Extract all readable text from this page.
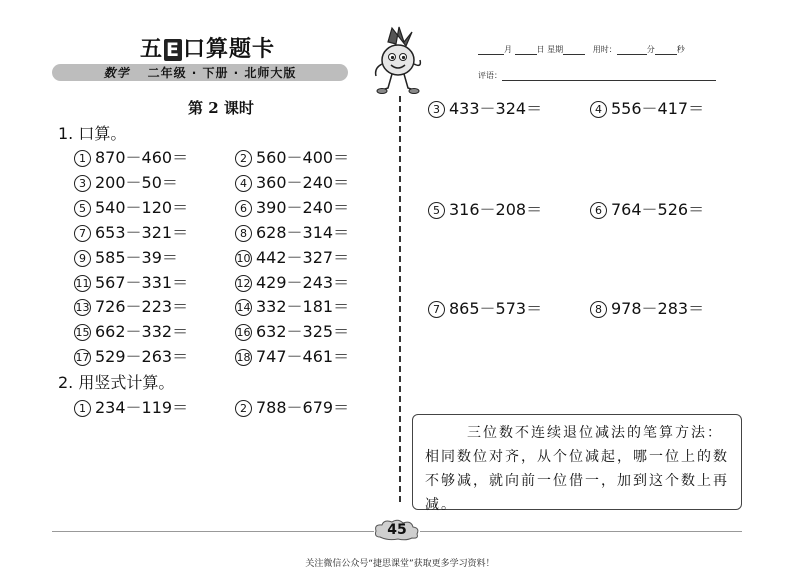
五 E 口算题卡
数学 二年级 · 下册 · 北师大版
月	日 星期	用时：	分	秒
评语：
第 2 课时
1. 口算。
1 870－460＝	2 560－400＝
3 200－50＝	4 360－240＝
5 540－120＝	6 390－240＝
7 653－321＝	8 628－314＝
9 585－39＝	10 442－327＝
11 567－331＝	12 429－243＝
13 726－223＝	14 332－181＝
15 662－332＝	16 632－325＝
17 529－263＝	18 747－461＝
2. 用竖式计算。
1 234－119＝	2 788－679＝
3 433－324＝	4 556－417＝
5 316－208＝	6 764－526＝
7 865－573＝	8 978－283＝

三位数不连续退位减法的笔算方法：

相同数位对齐，从个位减起，哪一位上的数不够减，就向前一位借一，加到这个数上再减。

45
关注微信公众号“捷思课堂”获取更多学习资料！
